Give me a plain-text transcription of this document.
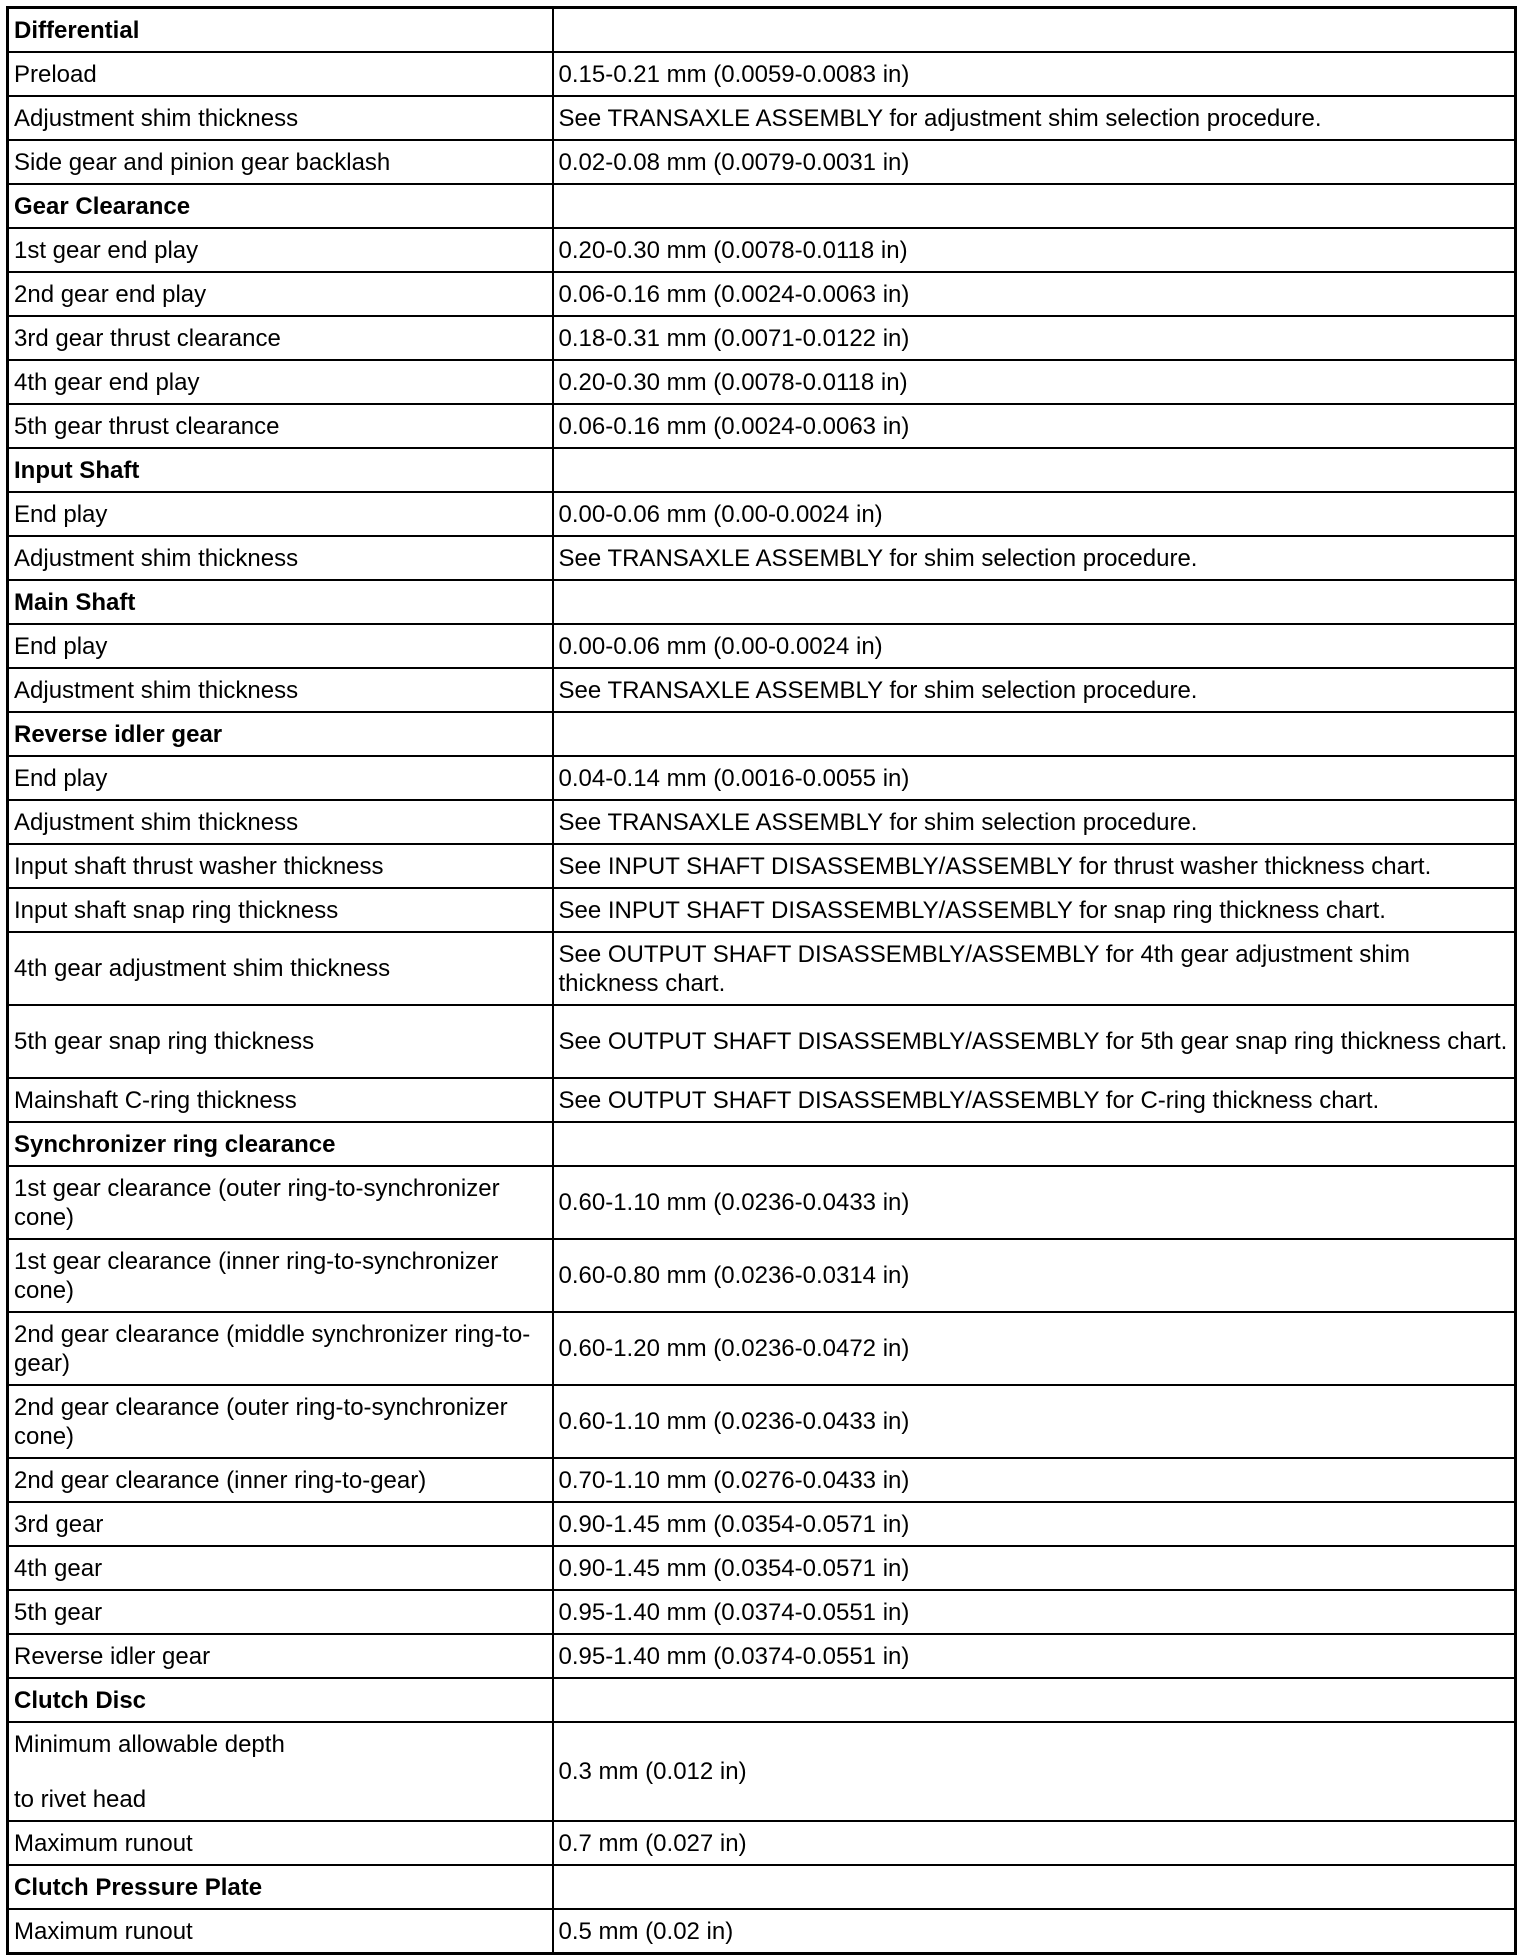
Differential	
Preload	0.15-0.21 mm (0.0059-0.0083 in)
Adjustment shim thickness	See TRANSAXLE ASSEMBLY for adjustment shim selection procedure.
Side gear and pinion gear backlash	0.02-0.08 mm (0.0079-0.0031 in)
Gear Clearance	
1st gear end play	0.20-0.30 mm (0.0078-0.0118 in)
2nd gear end play	0.06-0.16 mm (0.0024-0.0063 in)
3rd gear thrust clearance	0.18-0.31 mm (0.0071-0.0122 in)
4th gear end play	0.20-0.30 mm (0.0078-0.0118 in)
5th gear thrust clearance	0.06-0.16 mm (0.0024-0.0063 in)
Input Shaft	
End play	0.00-0.06 mm (0.00-0.0024 in)
Adjustment shim thickness	See TRANSAXLE ASSEMBLY for shim selection procedure.
Main Shaft	
End play	0.00-0.06 mm (0.00-0.0024 in)
Adjustment shim thickness	See TRANSAXLE ASSEMBLY for shim selection procedure.
Reverse idler gear	
End play	0.04-0.14 mm (0.0016-0.0055 in)
Adjustment shim thickness	See TRANSAXLE ASSEMBLY for shim selection procedure.
Input shaft thrust washer thickness	See INPUT SHAFT DISASSEMBLY/ASSEMBLY for thrust washer thickness chart.
Input shaft snap ring thickness	See INPUT SHAFT DISASSEMBLY/ASSEMBLY for snap ring thickness chart.
4th gear adjustment shim thickness	See OUTPUT SHAFT DISASSEMBLY/ASSEMBLY for 4th gear adjustment shim thickness chart.
5th gear snap ring thickness	See OUTPUT SHAFT DISASSEMBLY/ASSEMBLY for 5th gear snap ring thickness chart.
Mainshaft C-ring thickness	See OUTPUT SHAFT DISASSEMBLY/ASSEMBLY for C-ring thickness chart.
Synchronizer ring clearance	
1st gear clearance (outer ring-to-synchronizer cone)	0.60-1.10 mm (0.0236-0.0433 in)
1st gear clearance (inner ring-to-synchronizer cone)	0.60-0.80 mm (0.0236-0.0314 in)
2nd gear clearance (middle synchronizer ring-to-gear)	0.60-1.20 mm (0.0236-0.0472 in)
2nd gear clearance (outer ring-to-synchronizer cone)	0.60-1.10 mm (0.0236-0.0433 in)
2nd gear clearance (inner ring-to-gear)	0.70-1.10 mm (0.0276-0.0433 in)
3rd gear	0.90-1.45 mm (0.0354-0.0571 in)
4th gear	0.90-1.45 mm (0.0354-0.0571 in)
5th gear	0.95-1.40 mm (0.0374-0.0551 in)
Reverse idler gear	0.95-1.40 mm (0.0374-0.0551 in)
Clutch Disc	

Minimum allowable depth
to rivet head	0.3 mm (0.012 in)
Maximum runout	0.7 mm (0.027 in)
Clutch Pressure Plate	
Maximum runout	0.5 mm (0.02 in)
